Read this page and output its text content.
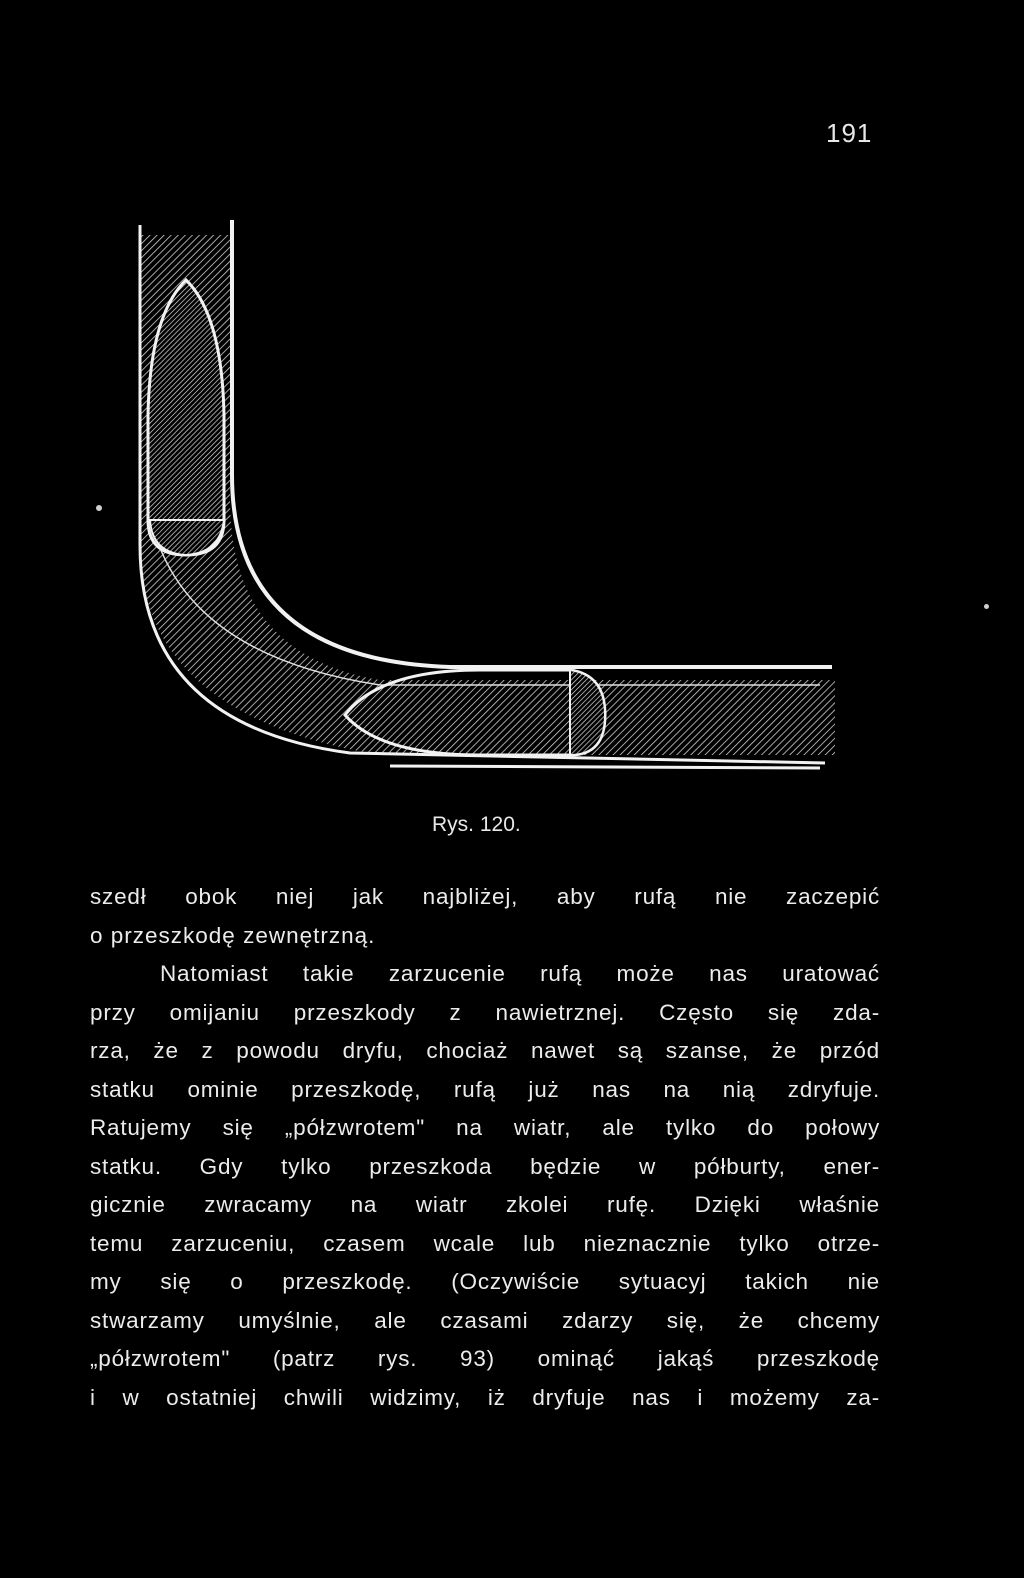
191
Rys. 120.
szedł obok niej jak najbliżej, aby rufą nie zaczepić
o przeszkodę zewnętrzną.
Natomiast takie zarzucenie rufą może nas uratować
przy omijaniu przeszkody z nawietrznej. Często się zda-
rza, że z powodu dryfu, chociaż nawet są szanse, że przód
statku ominie przeszkodę, rufą już nas na nią zdryfuje.
Ratujemy się „półzwrotem" na wiatr, ale tylko do połowy
statku. Gdy tylko przeszkoda będzie w półburty, ener-
gicznie zwracamy na wiatr zkolei rufę. Dzięki właśnie
temu zarzuceniu, czasem wcale lub nieznacznie tylko otrze-
my się o przeszkodę. (Oczywiście sytuacyj takich nie
stwarzamy umyślnie, ale czasami zdarzy się, że chcemy
„półzwrotem" (patrz rys. 93) ominąć jakąś przeszkodę
i w ostatniej chwili widzimy, iż dryfuje nas i możemy za-
